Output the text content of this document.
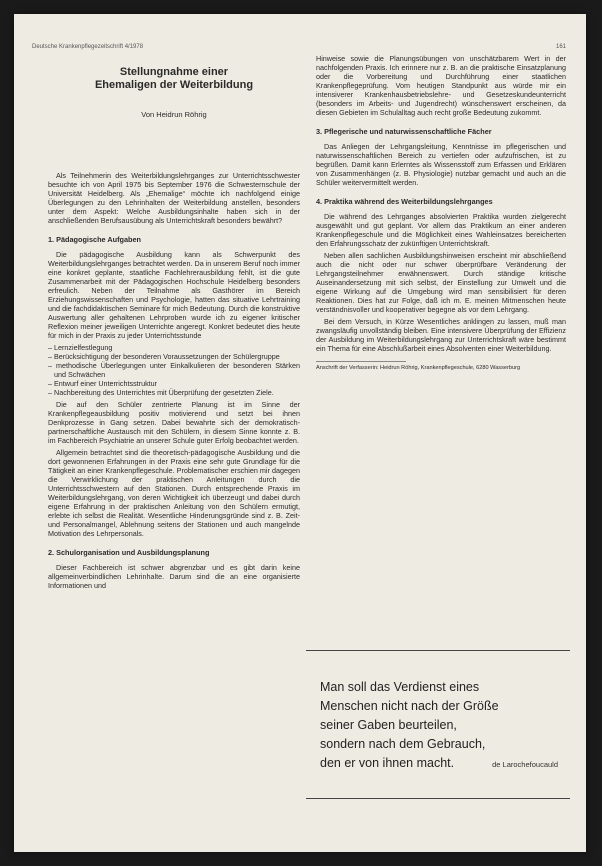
Deutsche Krankenpflegezeitschrift 4/1978	161
Stellungnahme einer
Ehemaligen der Weiterbildung
Von Heidrun Röhrig

Als Teilnehmerin des Weiterbildungslehrganges zur Unterrichtsschwester besuchte ich von April 1975 bis September 1976 die Schwesternschule der Universität Heidelberg. Als „Ehemalige“ möchte ich nachfolgend einige Überlegungen zu den Lehrinhalten der Weiterbildung anstellen, besonders unter dem Aspekt: Welche Ausbildungsinhalte haben sich in der anschließenden Berufsausübung als Unterrichtskraft besonders bewährt?

1. Pädagogische Aufgaben

Die pädagogische Ausbildung kann als Schwerpunkt des Weiterbildungslehrganges betrachtet werden. Da in unserem Beruf noch immer eine konkret geplante, staatliche Fachlehrerausbildung fehlt, ist die gute Zusammenarbeit mit der Pädagogischen Hochschule Heidelberg besonders erfreulich. Neben der Teilnahme als Gasthörer im Bereich Erziehungswissenschaften und Psychologie, hatten das situative Lehrtraining und die fachdidaktischen Seminare für mich Bedeutung. Durch die konstruktive Auswertung aller gehaltenen Lehrproben wurde ich zu eigener kritischer Reflexion meiner jeweiligen Unterrichte angeregt. Konkret bedeutet dies heute für mich in der Praxis zu jeder Unterrichtsstunde

– Lernzielfestlegung
– Berücksichtigung der besonderen Voraussetzungen der Schülergruppe
– methodische Überlegungen unter Einkalkulieren der besonderen Stärken und Schwächen
– Entwurf einer Unterrichtsstruktur
– Nachbereitung des Unterrichtes mit Überprüfung der gesetzten Ziele.

Die auf den Schüler zentrierte Planung ist im Sinne der Krankenpflegeausbildung positiv motivierend und setzt bei ihnen Denkprozesse in Gang setzen. Dabei bewahrte sich der demokratisch-partnerschaftliche Austausch mit den Schülern, in diesem Sinne konnte z. B. im Fachbereich Psychiatrie an unserer Schule guter Erfolg beobachtet werden.

Allgemein betrachtet sind die theoretisch-pädagogische Ausbildung und die dort gewonnenen Erfahrungen in der Praxis eine sehr gute Grundlage für die Tätigkeit an einer Krankenpflegeschule. Problematischer erschien mir dagegen die Verwirklichung der praktischen Anleitungen durch die Unterrichtsschwestern auf den Stationen. Durch entsprechende Praxis im Weiterbildungslehrgang, von deren Wichtigkeit ich überzeugt und dabei durch eigene Erfahrung in der praktischen Anleitung von den Schülern ermutigt, erlebte ich selbst die Realität. Wesentliche Hinderungsgründe sind z. B. Zeit- und Personalmangel, Ablehnung seitens der Stationen und auch mangelnde Motivation des Lehrpersonals.

2. Schulorganisation und Ausbildungsplanung

Dieser Fachbereich ist schwer abgrenzbar und es gibt darin keine allgemeinverbindlichen Lehrinhalte. Darum sind die an eine organisierte Informationen und

Hinweise sowie die Planungsübungen von unschätzbarem Wert in der nachfolgenden Praxis. Ich erinnere nur z. B. an die praktische Einsatzplanung oder die Vorbereitung und Durchführung einer staatlichen Krankenpflegeprüfung. Vom heutigen Standpunkt aus würde mir ein intensiverer Krankenhausbetriebslehre- und Gesetzeskundeunterricht (besonders im Arbeits- und Jugendrecht) wünschenswert erscheinen, da diesen Gebieten im Schulalltag auch recht große Bedeutung zukommt.

3. Pflegerische und naturwissenschaftliche Fächer

Das Anliegen der Lehrgangsleitung, Kenntnisse im pflegerischen und naturwissenschaftlichen Bereich zu vertiefen oder aufzufrischen, ist zu begrüßen. Damit kann Erlerntes als Wissensstoff zum Erfassen und Erklären von Zusammenhängen (z. B. Physiologie) nutzbar gemacht und auch an die Schüler weitervermittelt werden.

4. Praktika während des Weiterbildungslehrganges

Die während des Lehrganges absolvierten Praktika wurden zielgerecht ausgewählt und gut geplant. Vor allem das Praktikum an einer anderen Krankenpflegeschule und die Möglichkeit eines Wahleinsatzes bereicherten den Erfahrungsschatz der zukünftigen Unterrichtskraft.

Neben allen sachlichen Ausbildungshinweisen erscheint mir abschließend auch die nicht oder nur schwer überprüfbare Veränderung der Lehrgangsteilnehmer erwähnenswert. Durch ständige kritische Auseinandersetzung mit sich selbst, der Einstellung zur Umwelt und die eigene Wirkung auf die Umgebung wird man sensibilisiert für deren Reaktionen. Dies hat zur Folge, daß ich m. E. meinen Mitmenschen heute verständnisvoller und kooperativer begegne als vor dem Lehrgang.

Bei dem Versuch, in Kürze Wesentliches anklingen zu lassen, muß man zwangsläufig unvollständig bleiben. Eine intensivere Überprüfung der Effizienz der Ausbildung im Weiterbildungslehrgang zur Unterrichtskraft wäre bestimmt ein Thema für eine Abschlußarbeit eines Absolventen einer Weiterbildung.

Anschrift der Verfasserin: Heidrun Röhrig, Krankenpflegeschule, 6280 Wasserburg
Man soll das Verdienst eines
Menschen nicht nach der Größe
seiner Gaben beurteilen,
sondern nach dem Gebrauch,
den er von ihnen macht.	de Larochefoucauld
